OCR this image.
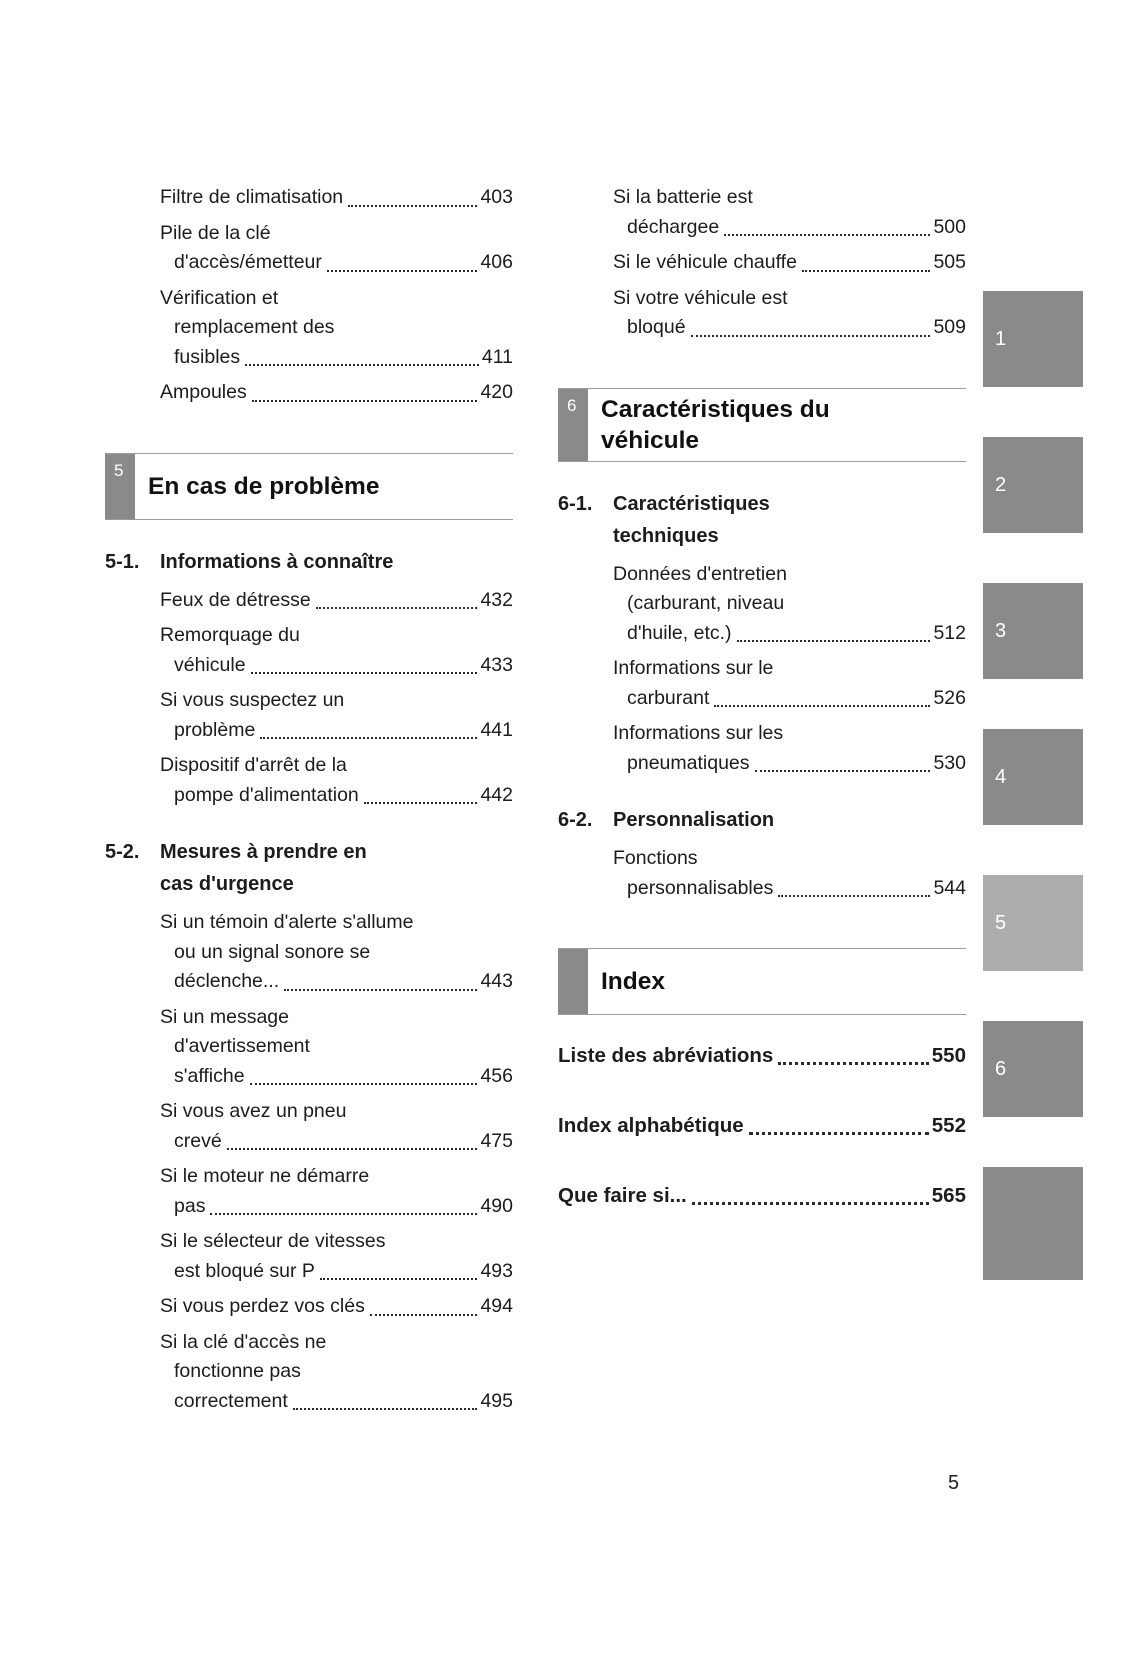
Filtre de climatisation	403
Pile de la clé
d'accès/émetteur	406
Vérification et
remplacement des
fusibles	411
Ampoules	420
5
En cas de problème
5-1.	Informations à connaître
Feux de détresse	432
Remorquage du
véhicule	433
Si vous suspectez un
problème	441
Dispositif d'arrêt de la
pompe d'alimentation	442
5-2.	Mesures à prendre en
cas d'urgence
Si un témoin d'alerte s'allume
ou un signal sonore se
déclenche...	443
Si un message
d'avertissement
s'affiche	456
Si vous avez un pneu
crevé	475
Si le moteur ne démarre
pas	490
Si le sélecteur de vitesses
est bloqué sur P	493
Si vous perdez vos clés	494
Si la clé d'accès ne
fonctionne pas
correctement	495
Si la batterie est
déchargee	500
Si le véhicule chauffe	505
Si votre véhicule est
bloqué	509
6	Caractéristiques du
véhicule
6-1.	Caractéristiques
techniques
Données d'entretien
(carburant, niveau
d'huile, etc.)	512
Informations sur le
carburant	526
Informations sur les
pneumatiques	530
6-2.	Personnalisation
Fonctions
personnalisables	544
Index
Liste des abréviations	550
Index alphabétique	552
Que faire si...	565
1
2
3
4
5
6
5
